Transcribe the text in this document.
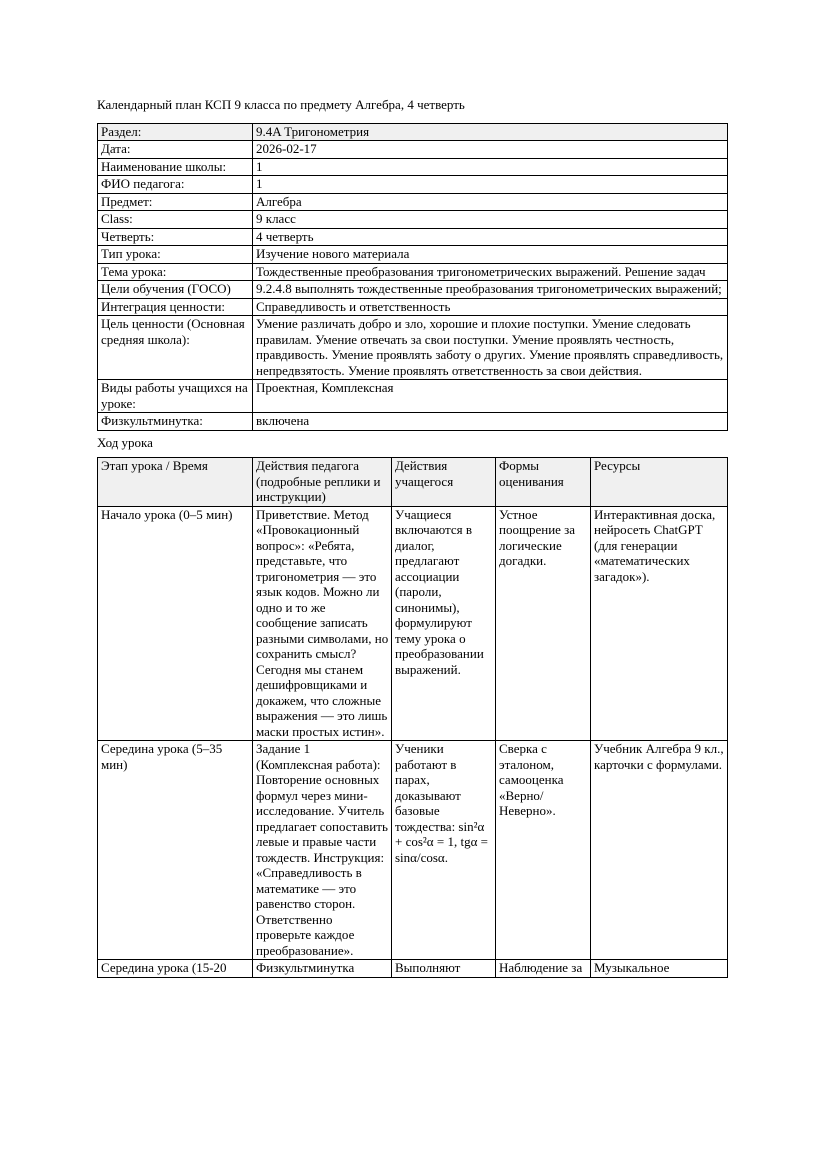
Календарный план КСП 9 класса по предмету Алгебра, 4 четверть
Раздел:	9.4A Тригонометрия
Дата:	2026-02-17
Наименование школы:	1
ФИО педагога:	1
Предмет:	Алгебра
Class:	9 класс
Четверть:	4 четверть
Тип урока:	Изучение нового материала
Тема урока:	Тождественные преобразования тригонометрических выражений. Решение задач
Цели обучения (ГОСО)	9.2.4.8 выполнять тождественные преобразования тригонометрических выражений;
Интеграция ценности:	Справедливость и ответственность
Цель ценности (Основная средняя школа):	Умение различать добро и зло, хорошие и плохие поступки. Умение следовать правилам. Умение отвечать за свои поступки. Умение проявлять честность, правдивость. Умение проявлять заботу о других. Умение проявлять справедливость, непредвзятость. Умение проявлять ответственность за свои действия.
Виды работы учащихся на уроке:	Проектная, Комплексная
Физкультминутка:	включена
Ход урока
Этап урока / Время	Действия педагога (подробные реплики и инструкции)	Действия учащегося	Формы оценивания	Ресурсы
Начало урока (0–5 мин)	Приветствие. Метод «Провокационный вопрос»: «Ребята, представьте, что тригонометрия — это язык кодов. Можно ли одно и то же сообщение записать разными символами, но сохранить смысл? Сегодня мы станем дешифровщиками и докажем, что сложные выражения — это лишь маски простых истин».	Учащиеся включаются в диалог, предлагают ассоциации (пароли, синонимы), формулируют тему урока о преобразовании выражений.	Устное поощрение за логические догадки.	Интерактивная доска, нейросеть ChatGPT (для генерации «математических загадок»).
Середина урока (5–35 мин)	Задание 1 (Комплексная работа): Повторение основных формул через мини-исследование. Учитель предлагает сопоставить левые и правые части тождеств. Инструкция: «Справедливость в математике — это равенство сторон. Ответственно проверьте каждое преобразование».	Ученики работают в парах, доказывают базовые тождества: sin²α + cos²α = 1, tgα = sinα/cosα.	Сверка с эталоном, самооценка «Верно/Неверно».	Учебник Алгебра 9 кл., карточки с формулами.
Середина урока (15-20	Физкультминутка	Выполняют	Наблюдение за	Музыкальное
